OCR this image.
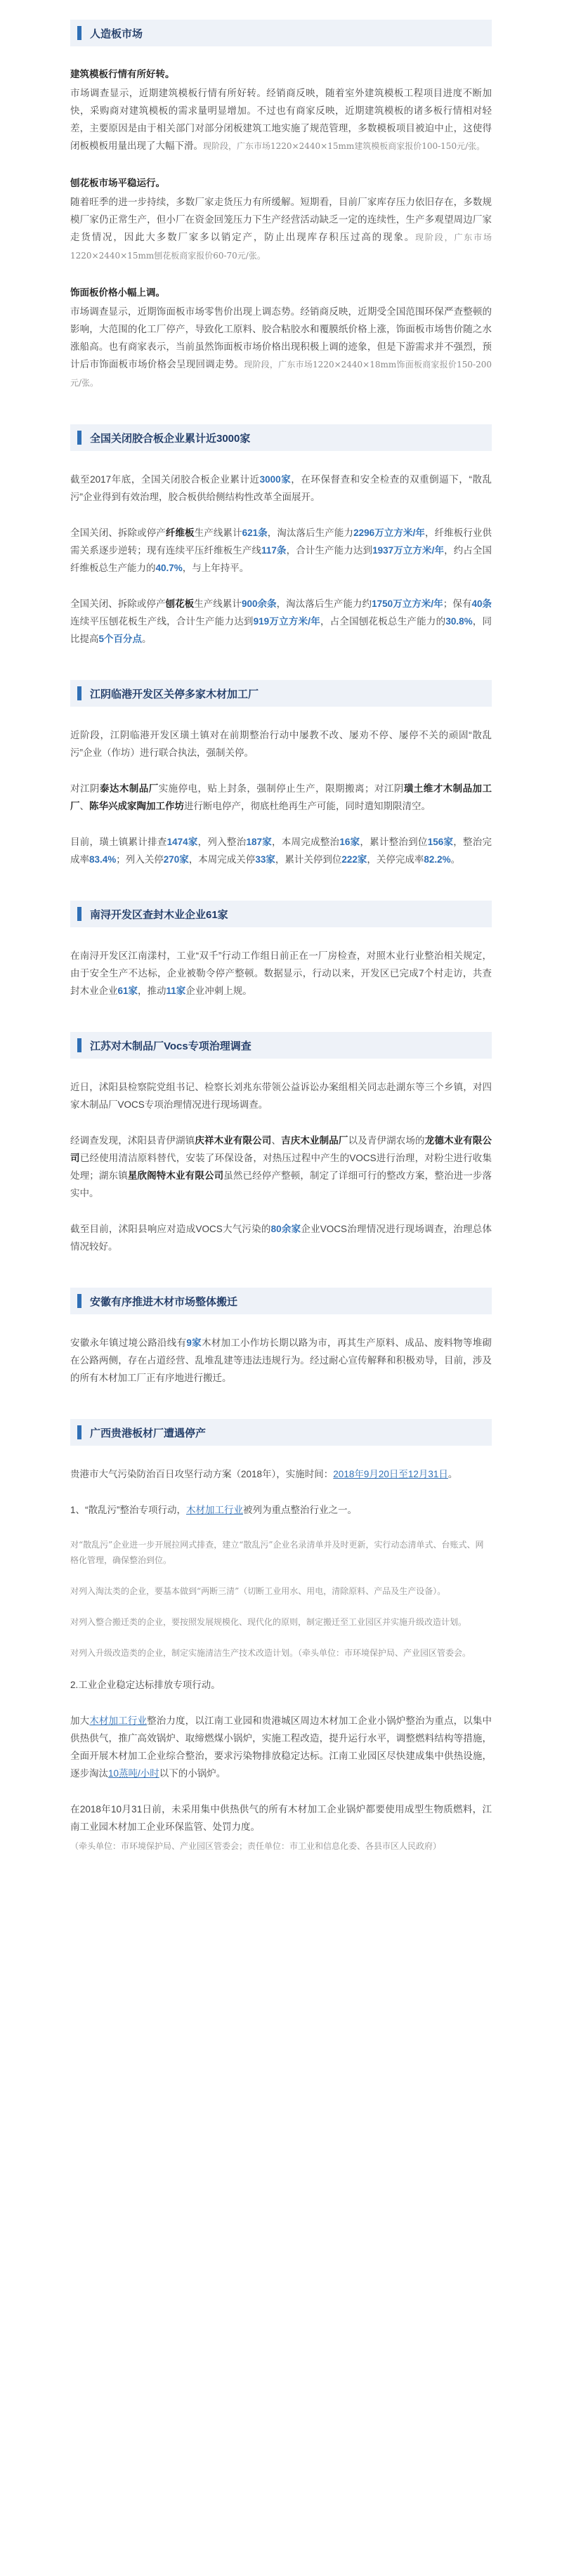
人造板市场
建筑模板行情有所好转。

市场调查显示，近期建筑模板行情有所好转。经销商反映，随着室外建筑模板工程项目进度不断加快，采购商对建筑模板的需求量明显增加。不过也有商家反映，近期建筑模板的诸多板行情相对轻差，主要原因是由于相关部门对部分闭板建筑工地实施了规范管理，多数模板项目被迫中止，这使得闭板模板用量出现了大幅下滑。现阶段，广东市场1220×2440×15mm建筑模板商家报价100-150元/张。

刨花板市场平稳运行。

随着旺季的进一步持续，多数厂家走货压力有所缓解。短期看，目前厂家库存压力依旧存在，多数规模厂家仍正常生产，但小厂在资金回笼压力下生产经营活动缺乏一定的连续性，生产多观望周边厂家走货情况，因此大多数厂家多以销定产，防止出现库存积压过高的现象。现阶段，广东市场1220×2440×15mm刨花板商家报价60-70元/张。

饰面板价格小幅上调。

市场调查显示，近期饰面板市场零售价出现上调态势。经销商反映，近期受全国范围环保严查整顿的影响，大范围的化工厂停产，导致化工原料、胶合粘胶水和覆膜纸价格上涨，饰面板市场售价随之水涨船高。也有商家表示，当前虽然饰面板市场价格出现积极上调的迹象，但是下游需求并不强烈，预计后市饰面板市场价格会呈现回调走势。现阶段，广东市场1220×2440×18mm饰面板商家报价150-200元/张。

全国关闭胶合板企业累计近3000家

截至2017年底，全国关闭胶合板企业累计近3000家，在环保督查和安全检查的双重倒逼下，“散乱污”企业得到有效治理，胶合板供给侧结构性改革全面展开。

全国关闭、拆除或停产纤维板生产线累计621条，淘汰落后生产能力2296万立方米/年，纤维板行业供需关系逐步逆转；现有连续平压纤维板生产线117条，合计生产能力达到1937万立方米/年，约占全国纤维板总生产能力的40.7%，与上年持平。

全国关闭、拆除或停产刨花板生产线累计900余条，淘汰落后生产能力约1750万立方米/年；保有40条连续平压刨花板生产线，合计生产能力达到919万立方米/年，占全国刨花板总生产能力的30.8%，同比提高5个百分点。

江阴临港开发区关停多家木材加工厂

近阶段，江阴临港开发区璜土镇对在前期整治行动中屡教不改、屡劝不停、屡停不关的顽固“散乱污”企业（作坊）进行联合执法，强制关停。

对江阴泰达木制品厂实施停电，贴上封条，强制停止生产，限期搬离；对江阴璜土维才木制品加工厂、陈华兴成家陶加工作坊进行断电停产，彻底杜绝再生产可能，同时遣知期限清空。

目前，璜土镇累计排查1474家，列入整治187家，本周完成整治16家，累计整治到位156家，整治完成率83.4%；列入关停270家，本周完成关停33家，累计关停到位222家，关停完成率82.2%。

南浔开发区查封木业企业61家

在南浔开发区江南漾村，工业“双千”行动工作组日前正在一厂房检查，对照木业行业整治相关规定，由于安全生产不达标，企业被勒令停产整顿。数据显示，行动以来，开发区已完成7个村走访，共查封木业企业61家，推动11家企业冲刺上规。

江苏对木制品厂Vocs专项治理调查

近日，沭阳县检察院党组书记、检察长刘兆东带领公益诉讼办案组相关同志赴湖东等三个乡镇，对四家木制品厂VOCS专项治理情况进行现场调查。

经调查发现，沭阳县青伊湖镇庆祥木业有限公司、吉庆木业制品厂以及青伊湖农场的龙德木业有限公司已经使用清洁原料替代，安装了环保设备，对热压过程中产生的VOCS进行治理，对粉尘进行收集处理；湖东镇星欣阁特木业有限公司虽然已经停产整顿，制定了详细可行的整改方案，整治进一步落实中。

截至目前，沭阳县响应对造成VOCS大气污染的80余家企业VOCS治理情况进行现场调查，治理总体情况较好。

安徽有序推进木材市场整体搬迁

安徽永年镇过境公路沿线有9家木材加工小作坊长期以路为市，再其生产原料、成品、废料物等堆砌在公路两侧，存在占道经营、乱堆乱建等违法违规行为。经过耐心宣传解释和积极劝导，目前，涉及的所有木材加工厂正有序地进行搬迁。

广西贵港板材厂遭遇停产

贵港市大气污染防治百日攻坚行动方案（2018年），实施时间：2018年9月20日至12月31日。

1、“散乱污”整治专项行动，木材加工行业被列为重点整治行业之一。

对“散乱污”企业进一步开展拉网式排查，建立“散乱污”企业名录清单并及时更新，实行动态清单式、台账式、网格化管理，确保整治到位。
对列入淘汰类的企业，要基本做到“两断三清”（切断工业用水、用电，清除原料、产品及生产设备）。
对列入整合搬迁类的企业，要按照发展规模化、现代化的原则，制定搬迁至工业园区并实施升级改造计划。
对列入升级改造类的企业，制定实施清洁生产技术改造计划。（牵头单位：市环境保护局、产业园区管委会。

2.工业企业稳定达标排放专项行动。

加大木材加工行业整治力度，以江南工业园和贵港城区周边木材加工企业小锅炉整治为重点，以集中供热供气，推广高效锅炉、取缔燃煤小锅炉，实施工程改造，提升运行水平，调整燃料结构等措施，全面开展木材加工企业综合整治，要求污染物排放稳定达标。江南工业园区尽快建成集中供热设施，逐步淘汰10蒸吨/小时以下的小锅炉。

在2018年10月31日前，未采用集中供热供气的所有木材加工企业锅炉都要使用成型生物质燃料，江南工业园木材加工企业环保监管、处罚力度。

（牵头单位：市环境保护局、产业园区管委会；责任单位：市工业和信息化委、各县市区人民政府）
